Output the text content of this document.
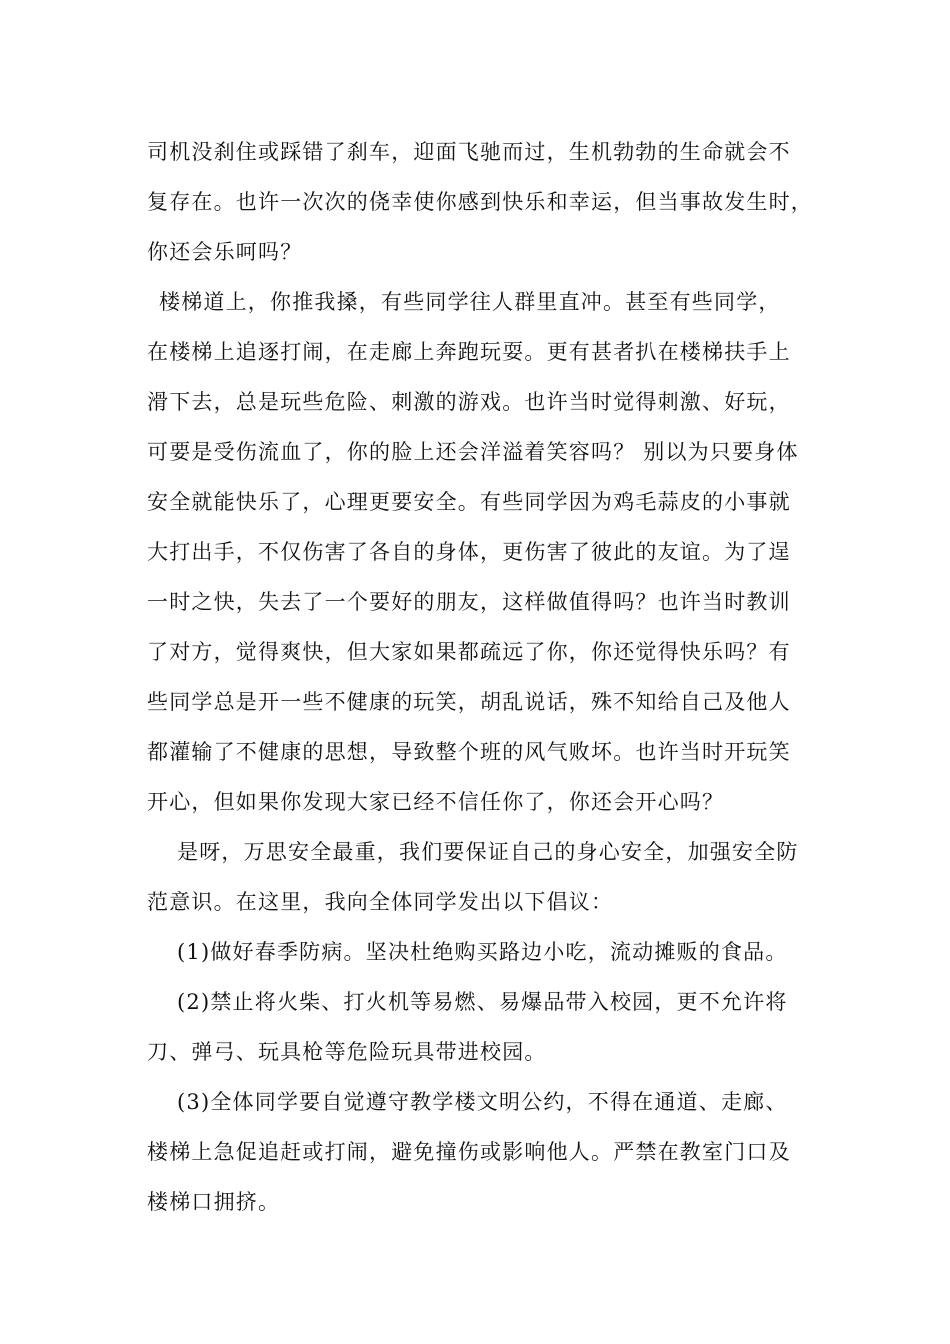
司机没刹住或踩错了刹车，迎面飞驰而过，生机勃勃的生命就会不
复存在。也许一次次的侥幸使你感到快乐和幸运，但当事故发生时，
你还会乐呵吗？
楼梯道上，你推我搡，有些同学往人群里直冲。甚至有些同学，
在楼梯上追逐打闹，在走廊上奔跑玩耍。更有甚者扒在楼梯扶手上
滑下去，总是玩些危险、刺激的游戏。也许当时觉得刺激、好玩，
可要是受伤流血了，你的脸上还会洋溢着笑容吗？ 别以为只要身体
安全就能快乐了，心理更要安全。有些同学因为鸡毛蒜皮的小事就
大打出手，不仅伤害了各自的身体，更伤害了彼此的友谊。为了逞
一时之快，失去了一个要好的朋友，这样做值得吗？也许当时教训
了对方，觉得爽快，但大家如果都疏远了你，你还觉得快乐吗？有
些同学总是开一些不健康的玩笑，胡乱说话，殊不知给自己及他人
都灌输了不健康的思想，导致整个班的风气败坏。也许当时开玩笑
开心，但如果你发现大家已经不信任你了，你还会开心吗？
是呀，万思安全最重，我们要保证自己的身心安全，加强安全防
范意识。在这里，我向全体同学发出以下倡议：
(1)做好春季防病。坚决杜绝购买路边小吃，流动摊贩的食品。
(2)禁止将火柴、打火机等易燃、易爆品带入校园，更不允许将
刀、弹弓、玩具枪等危险玩具带进校园。
(3)全体同学要自觉遵守教学楼文明公约，不得在通道、走廊、
楼梯上急促追赶或打闹，避免撞伤或影响他人。严禁在教室门口及
楼梯口拥挤。
